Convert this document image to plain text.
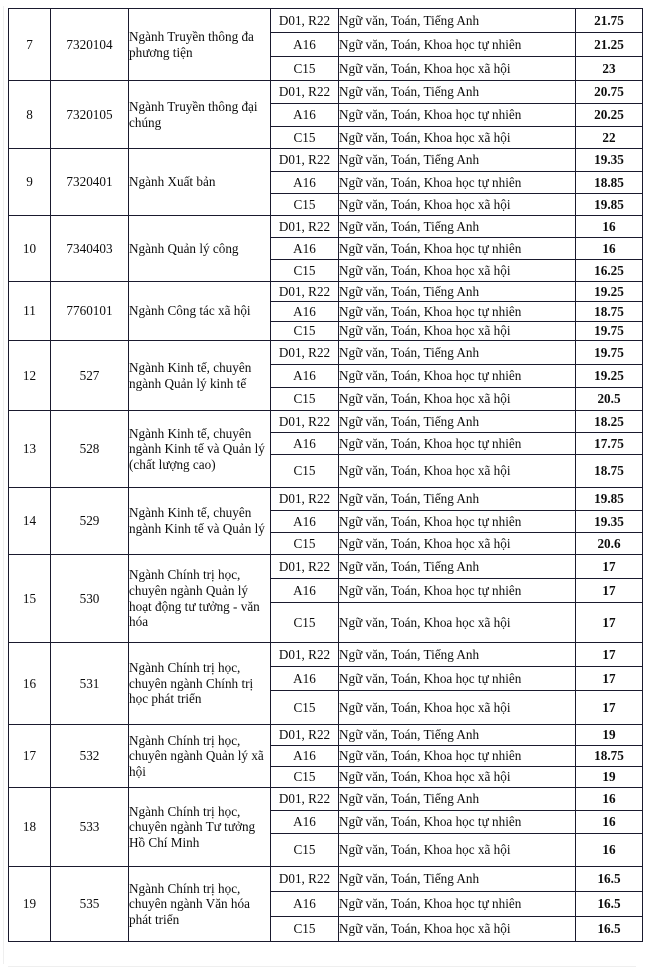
7	7320104	Ngành Truyền thông đa phương tiện	D01, R22	Ngữ văn, Toán, Tiếng Anh	21.75
			A16	Ngữ văn, Toán, Khoa học tự nhiên	21.25
			C15	Ngữ văn, Toán, Khoa học xã hội	23
8	7320105	Ngành Truyền thông đại chúng	D01, R22	Ngữ văn, Toán, Tiếng Anh	20.75
			A16	Ngữ văn, Toán, Khoa học tự nhiên	20.25
			C15	Ngữ văn, Toán, Khoa học xã hội	22
9	7320401	Ngành Xuất bản	D01, R22	Ngữ văn, Toán, Tiếng Anh	19.35
			A16	Ngữ văn, Toán, Khoa học tự nhiên	18.85
			C15	Ngữ văn, Toán, Khoa học xã hội	19.85
10	7340403	Ngành Quản lý công	D01, R22	Ngữ văn, Toán, Tiếng Anh	16
			A16	Ngữ văn, Toán, Khoa học tự nhiên	16
			C15	Ngữ văn, Toán, Khoa học xã hội	16.25
11	7760101	Ngành Công tác xã hội	D01, R22	Ngữ văn, Toán, Tiếng Anh	19.25
			A16	Ngữ văn, Toán, Khoa học tự nhiên	18.75
			C15	Ngữ văn, Toán, Khoa học xã hội	19.75
12	527	Ngành Kinh tế, chuyên ngành Quản lý kinh tế	D01, R22	Ngữ văn, Toán, Tiếng Anh	19.75
			A16	Ngữ văn, Toán, Khoa học tự nhiên	19.25
			C15	Ngữ văn, Toán, Khoa học xã hội	20.5
13	528	Ngành Kinh tế, chuyên ngành Kinh tế và Quản lý (chất lượng cao)	D01, R22	Ngữ văn, Toán, Tiếng Anh	18.25
			A16	Ngữ văn, Toán, Khoa học tự nhiên	17.75
			C15	Ngữ văn, Toán, Khoa học xã hội	18.75
14	529	Ngành Kinh tế, chuyên ngành Kinh tế và Quản lý	D01, R22	Ngữ văn, Toán, Tiếng Anh	19.85
			A16	Ngữ văn, Toán, Khoa học tự nhiên	19.35
			C15	Ngữ văn, Toán, Khoa học xã hội	20.6
15	530	Ngành Chính trị học, chuyên ngành Quản lý hoạt động tư tưởng - văn hóa	D01, R22	Ngữ văn, Toán, Tiếng Anh	17
			A16	Ngữ văn, Toán, Khoa học tự nhiên	17
			C15	Ngữ văn, Toán, Khoa học xã hội	17
16	531	Ngành Chính trị học, chuyên ngành Chính trị học phát triển	D01, R22	Ngữ văn, Toán, Tiếng Anh	17
			A16	Ngữ văn, Toán, Khoa học tự nhiên	17
			C15	Ngữ văn, Toán, Khoa học xã hội	17
17	532	Ngành Chính trị học, chuyên ngành Quản lý xã hội	D01, R22	Ngữ văn, Toán, Tiếng Anh	19
			A16	Ngữ văn, Toán, Khoa học tự nhiên	18.75
			C15	Ngữ văn, Toán, Khoa học xã hội	19
18	533	Ngành Chính trị học, chuyên ngành Tư tưởng Hồ Chí Minh	D01, R22	Ngữ văn, Toán, Tiếng Anh	16
			A16	Ngữ văn, Toán, Khoa học tự nhiên	16
			C15	Ngữ văn, Toán, Khoa học xã hội	16
19	535	Ngành Chính trị học, chuyên ngành Văn hóa phát triển	D01, R22	Ngữ văn, Toán, Tiếng Anh	16.5
			A16	Ngữ văn, Toán, Khoa học tự nhiên	16.5
			C15	Ngữ văn, Toán, Khoa học xã hội	16.5
